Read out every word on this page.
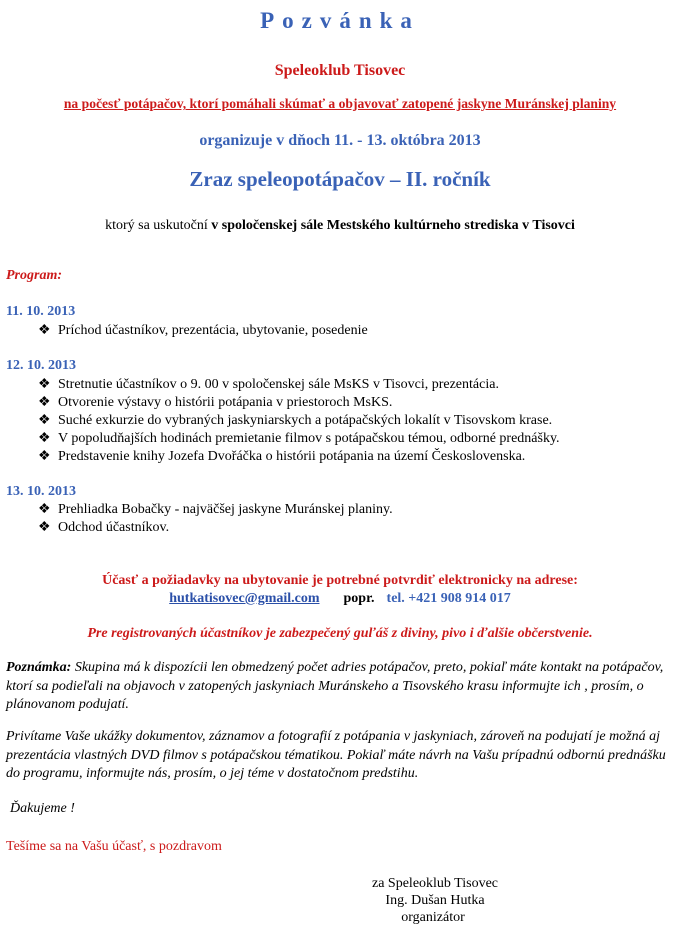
Pozvánka
Speleoklub Tisovec
na počesť potápačov, ktorí pomáhali skúmať a objavovať zatopené jaskyne Muránskej planiny
organizuje v dňoch 11. - 13. októbra 2013
Zraz speleopotápačov – II. ročník
ktorý sa uskutoční v spoločenskej sále Mestského kultúrneho strediska v Tisovci
Program:
11. 10. 2013
❖ Príchod účastníkov, prezentácia, ubytovanie, posedenie
12. 10. 2013
❖ Stretnutie účastníkov o 9. 00 v spoločenskej sále MsKS v Tisovci, prezentácia.
❖ Otvorenie výstavy o histórii potápania v priestoroch MsKS.
❖ Suché exkurzie do vybraných jaskyniarskych a potápačských lokalít v Tisovskom krase.
❖ V popoludňajších hodinách premietanie filmov s potápačskou témou, odborné prednášky.
❖ Predstavenie knihy Jozefa Dvořáčka o histórii potápania na území Československa.
13. 10. 2013
❖ Prehliadka Bobačky - najväčšej jaskyne Muránskej planiny.
❖ Odchod účastníkov.
Účasť a požiadavky na ubytovanie je potrebné potvrdiť elektronicky na adrese:
hutkatisovec@gmail.com popr. tel. +421 908 914 017
Pre registrovaných účastníkov je zabezpečený guľáš z diviny, pivo i ďalšie občerstvenie.
Poznámka: Skupina má k dispozícii len obmedzený počet adries potápačov, preto, pokiaľ máte kontakt na potápačov, ktorí sa podieľali na objavoch v zatopených jaskyniach Muránskeho a Tisovského krasu informujte ich , prosím, o plánovanom podujatí.
Privítame Vaše ukážky dokumentov, záznamov a fotografií z potápania v jaskyniach, zároveň na podujatí je možná aj prezentácia vlastných DVD filmov s potápačskou tématikou. Pokiaľ máte návrh na Vašu prípadnú odbornú prednášku do programu, informujte nás, prosím, o jej téme v dostatočnom predstihu.
Ďakujeme !
Tešíme sa na Vašu účasť, s pozdravom
za Speleoklub Tisovec
Ing. Dušan Hutka
organizátor
